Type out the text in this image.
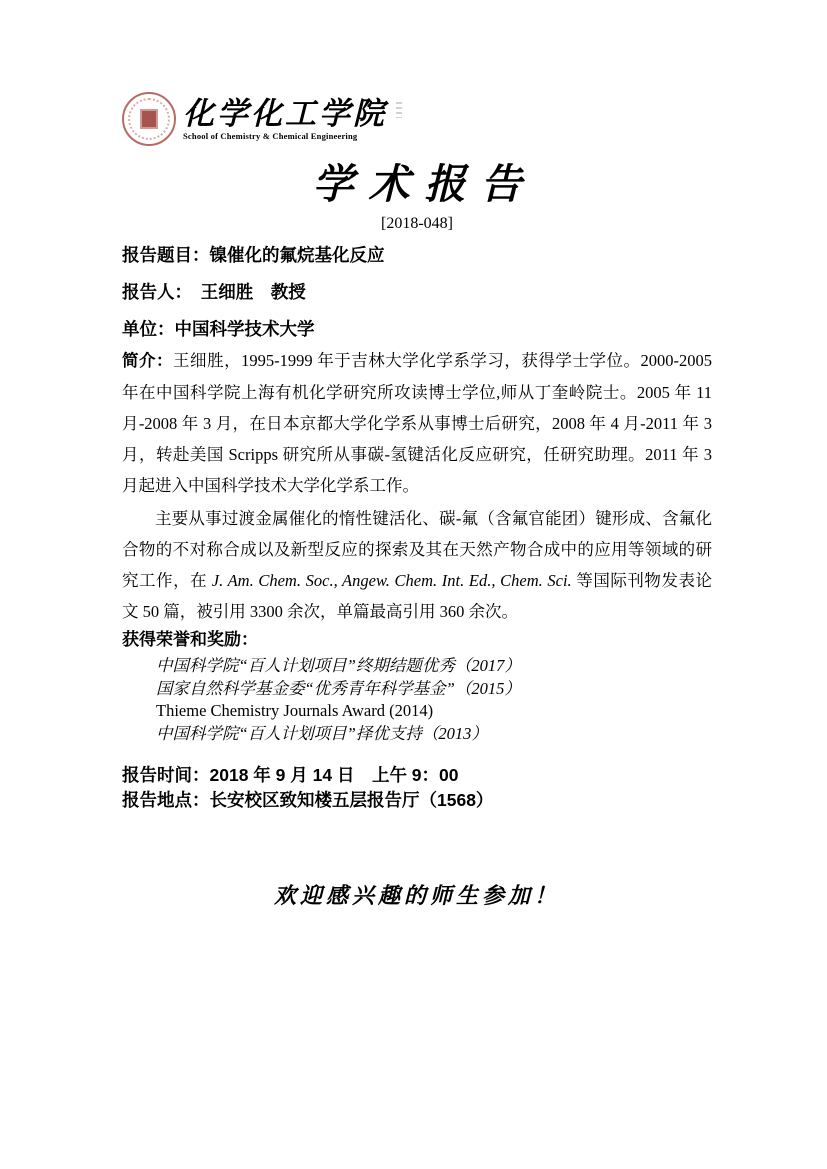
化学化工学院
School of Chemistry & Chemical Engineering
学术报告
[2018-048]

报告题目：镍催化的氟烷基化反应

报告人：　王细胜　教授

单位：中国科学技术大学

简介：王细胜，1995-1999 年于吉林大学化学系学习，获得学士学位。2000-2005 年在中国科学院上海有机化学研究所攻读博士学位,师从丁奎岭院士。2005 年 11 月-2008 年 3 月，在日本京都大学化学系从事博士后研究，2008 年 4 月-2011 年 3 月，转赴美国 Scripps 研究所从事碳-氢键活化反应研究，任研究助理。2011 年 3 月起进入中国科学技术大学化学系工作。

主要从事过渡金属催化的惰性键活化、碳-氟（含氟官能团）键形成、含氟化合物的不对称合成以及新型反应的探索及其在天然产物合成中的应用等领域的研究工作，在 J. Am. Chem. Soc., Angew. Chem. Int. Ed., Chem. Sci. 等国际刊物发表论文 50 篇，被引用 3300 余次，单篇最高引用 360 余次。

获得荣誉和奖励：

中国科学院“百人计划项目”终期结题优秀（2017）
国家自然科学基金委“优秀青年科学基金”（2015）
Thieme Chemistry Journals Award (2014)
中国科学院“百人计划项目”择优支持（2013）

报告时间：2018 年 9 月 14 日　上午 9：00

报告地点：长安校区致知楼五层报告厅（1568）

欢迎感兴趣的师生参加！
